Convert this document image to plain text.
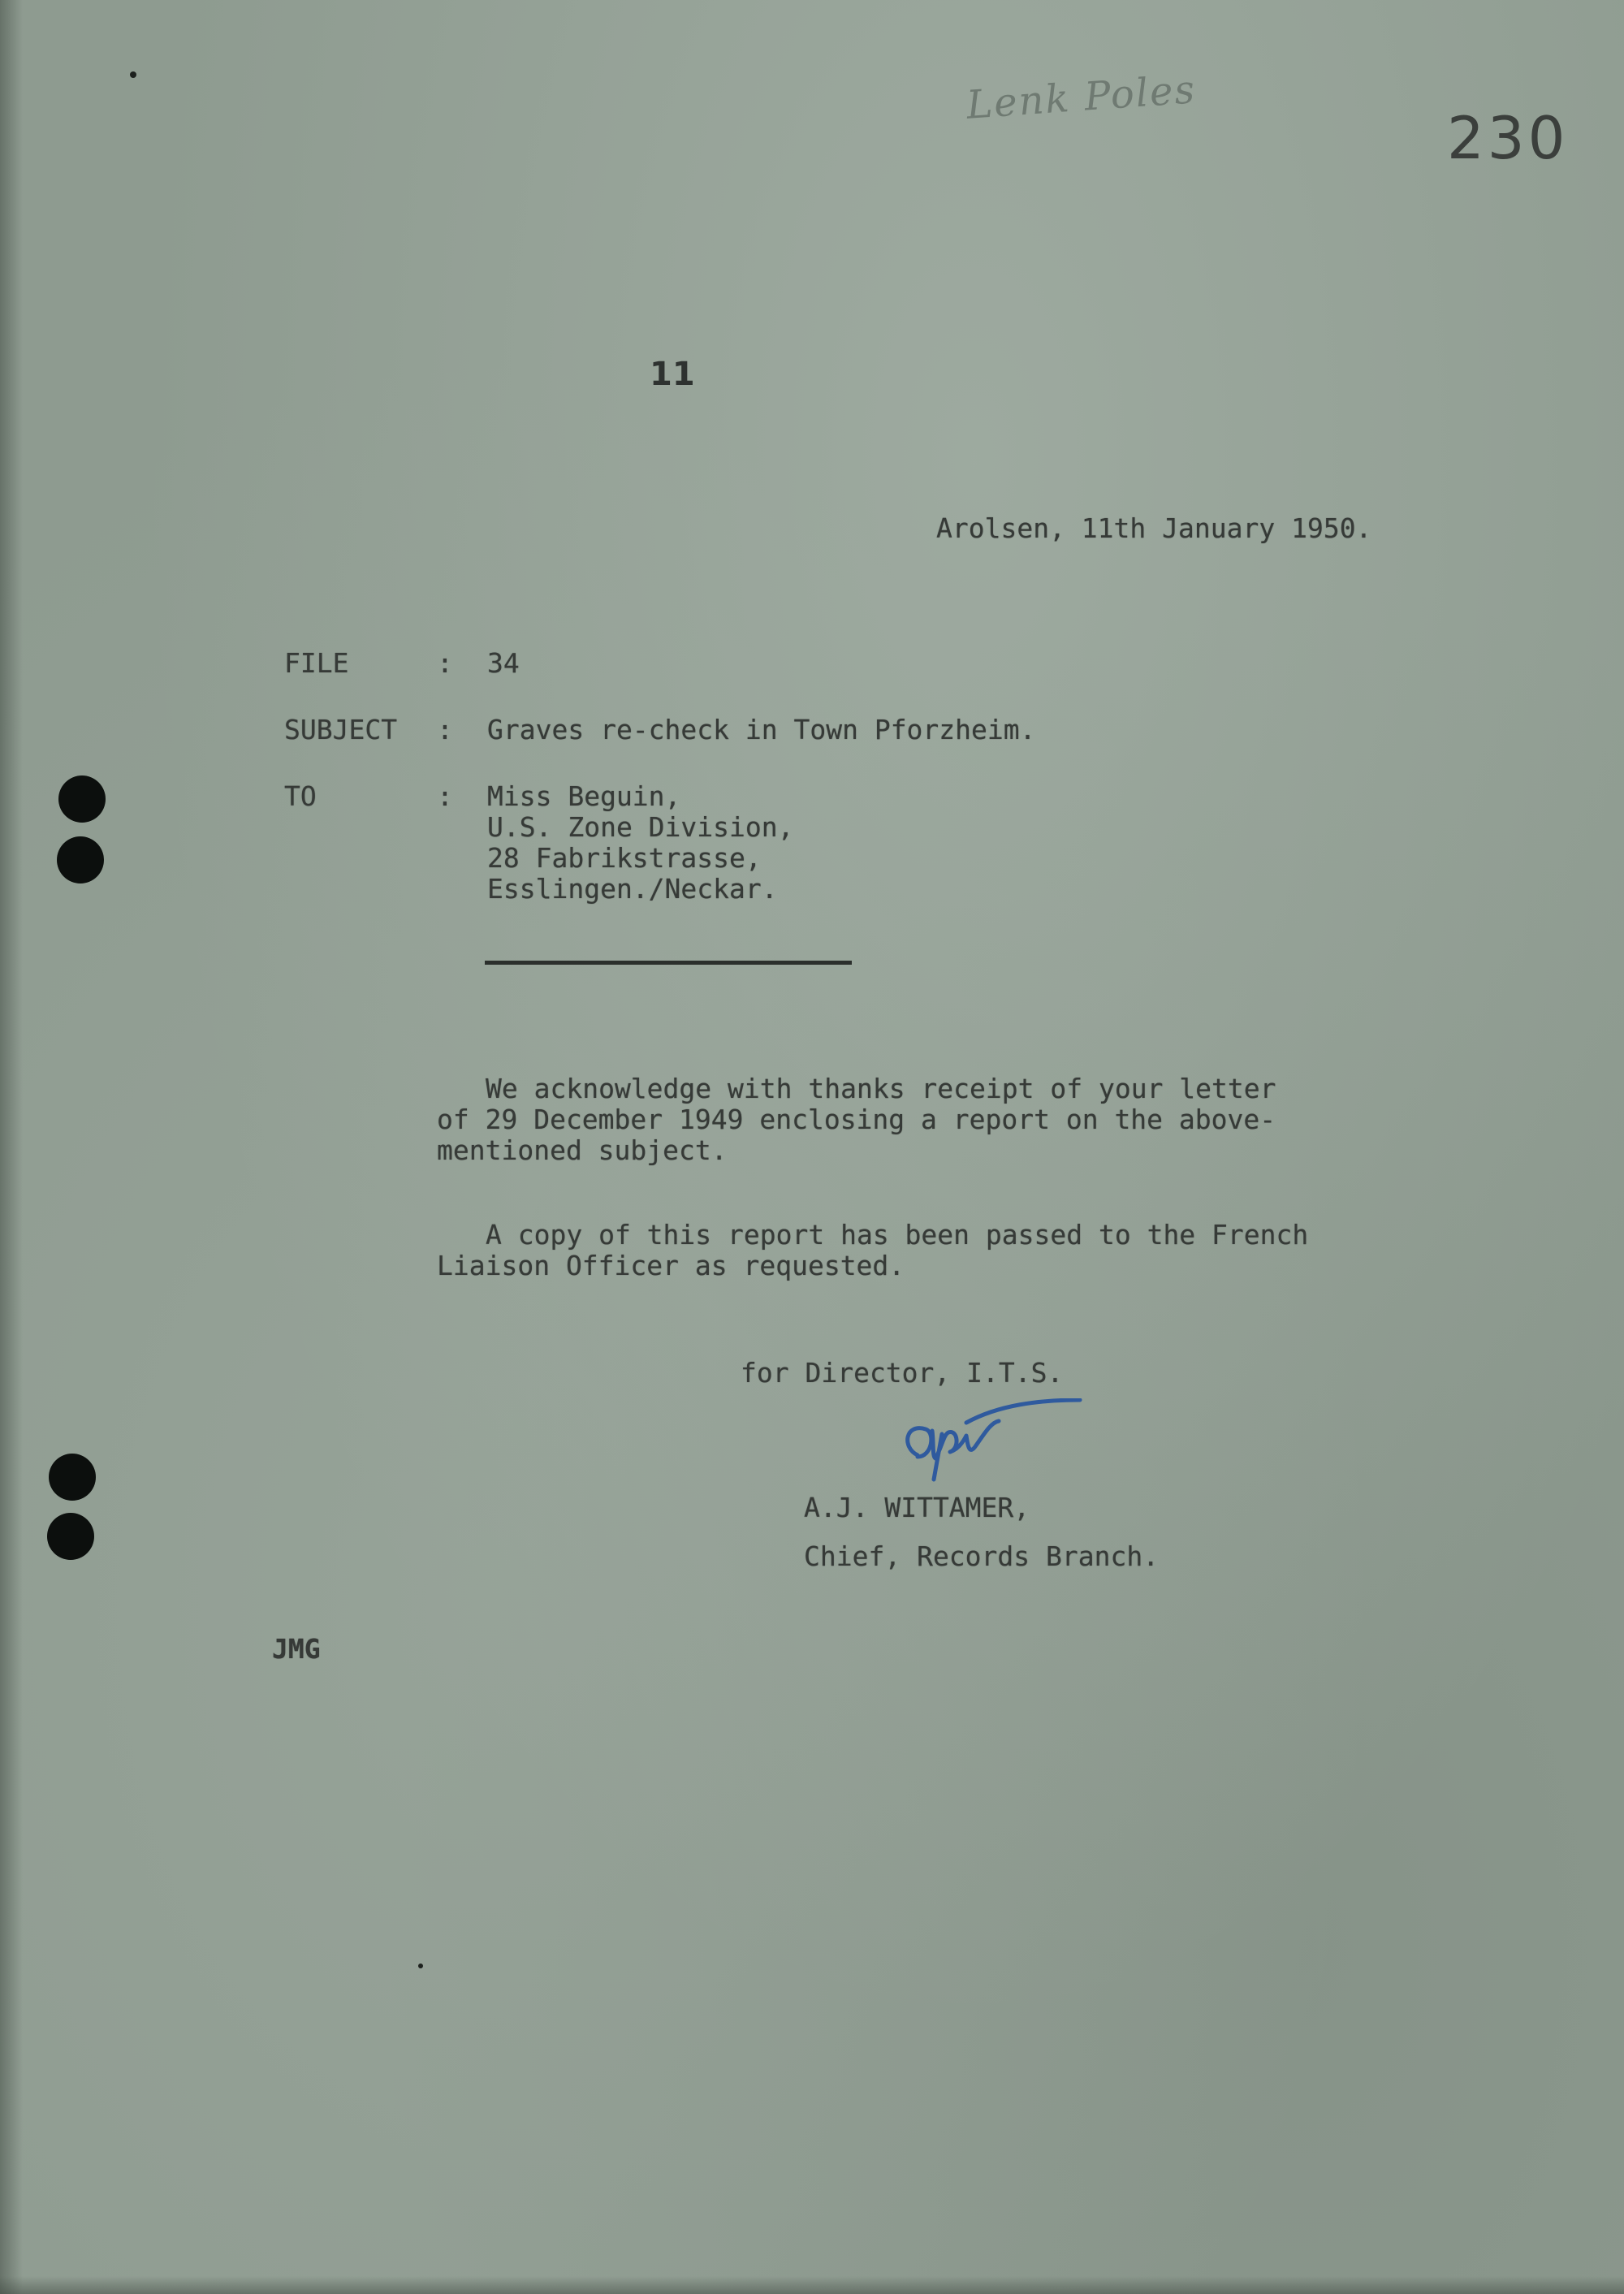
Lenk Poles
230
11
Arolsen, 11th January 1950.
FILE	: 34
SUBJECT : Graves re-check in Town Pforzheim.
TO	: Miss Beguin,
U.S. Zone Division,
28 Fabrikstrasse,
Esslingen./Neckar.
We acknowledge with thanks receipt of your letter
of 29 December 1949 enclosing a report on the above-
mentioned subject.
A copy of this report has been passed to the French
Liaison Officer as requested.
for Director, I.T.S.
A.J. WITTAMER,
Chief, Records Branch.
JMG
